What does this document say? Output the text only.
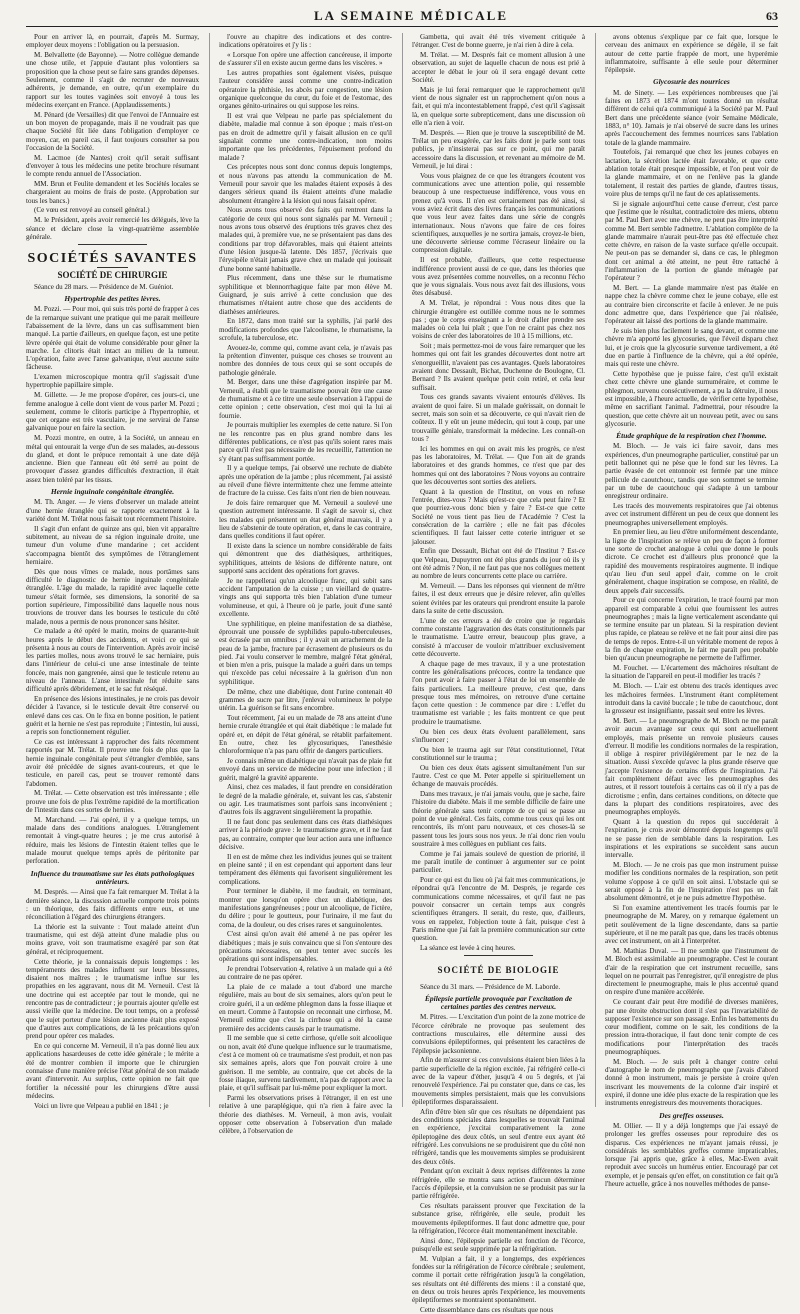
LA SEMAINE MÉDICALE	63

Pour en arriver là, en pourrait, d'après M. Surmay, employer deux moyens : l'obligation ou la persuasion.

M. Belvallette (de Bayonne). — Notre collègue demande une chose utile, et j'appuie d'autant plus volontiers sa proposition que la chose peut se faire sans grandes dépenses. Seulement, comme il s'agit de recruter de nouveaux adhérents, je demande, en outre, qu'un exemplaire du rapport sur les toutes vaginées soit envoyé à tous les médecins exerçant en France. (Applaudissements.)

M. Pénard (de Versailles) dit que l'envoi de l'Annuaire est un bon moyen de propagande, mais il ne voudrait pas que chaque Société fût liée dans l'obligation d'employer ce moyen, car, en pareil cas, il faut toujours consulter sa pou l'occasion de la Société.

M. Lacmoe (de Nantes) croit qu'il serait suffisant d'envoyer à tous les médecins une petite brochure résumant le compte rendu annuel de l'Association.

MM. Brun et Feulite demandent et les Sociétés locales se chargeraient au moins de frais de poste. (Approbation sur tous les bancs.)

(Ce vœu est renvoyé au conseil général.)

M. le Président, après avoir remercié les délégués, lève la séance et déclare close la vingt-quatrième assemblée générale.

SOCIÉTÉS SAVANTES
SOCIÉTÉ DE CHIRURGIE
Séance du 28 mars. — Présidence de M. Guéniot.
Hypertrophie des petites lèvres.

M. Pozzi. — Pour moi, qui suis très porté de frapper à ces de la remarque suivant une pratique qui me parait meilleure l'abaissement de la lèvre, dans un cas suffisamment bien manqué. La partie d'ailleurs, en quelque façon, est une petite lèvre opérée qui était de volume considérable pour gêner la marche. Le clitoris était intact au milieu de la tumeur. L'opération, faite avec l'anse galvanique, n'eut aucune suite fâcheuse.

L'examen microscopique montra qu'il s'agissait d'une hypertrophie papillaire simple.

M. Gillette. — Je me propose d'opérer, ces jours-ci, une femme analogue à celle dont vient de vous parler M. Pozzi ; seulement, comme le clitoris participe à l'hypertrophie, et que cet organe est très vasculaire, je me servirai de l'anse galvanique pour en faire la section.

M. Pozzi montre, en outre, à la Société, un anneau en métal qui entourait la verge d'un de ses malades, au-dessous du gland, et dont le prépuce remontait à une date déjà ancienne. Bien que l'anneau eût été serré au point de provoquer d'assez grandes difficultés d'extraction, il était assez bien toléré par les tissus.

Hernie inguinale congénitale étranglée.

M. Th. Anger. — Je viens d'observer un malade atteint d'une hernie étranglée qui se rapporte exactement à la variété dont M. Trélat nous faisait tout récemment l'histoire.

Il s'agit d'un enfant de quinze ans qui, bien vit apparaître subitement, au niveau de sa région inguinale droite, une tumeur d'un volume d'une mandarine ; cet accident s'accompagna bientôt des symptômes de l'étranglement herniaire.

Dès que nous vîmes ce malade, nous portâmes sans difficulté le diagnostic de hernie inguinale congénitale étranglée. L'âge du malade, la rapidité avec laquelle cette tumeur s'était formée, ses dimensions, la sonorité de sa portion supérieure, l'impossibilité dans laquelle nous nous trouvions de trouver dans les bourses le testicule du côté malade, nous a permis de nous prononcer sans hésiter.

Ce malade a été opéré le matin, moins de quarante-huit heures après le début des accidents, et voici ce qui se présenta à nous au cours de l'intervention. Après avoir incisé les parties molles, nous avons trouvé le sac herniaire, puis dans l'intérieur de celui-ci une anse intestinale de teinte foncée, mais non gangrenée, ainsi que le testicule retenu au niveau de l'anneau. L'anse intestinale fut réduite sans difficulté après débridement, et le sac fut réséqué.

En présence des lésions intestinales, je ne crois pas devoir décider à l'avance, si le testicule devait être conservé ou enlevé dans ces cas. On le fixa en bonne position, le patient guérit et la hernie ne s'est pas reproduite ; l'intestin, lui aussi, a repris son fonctionnement régulier.

Ce cas est intéressant à rapprocher des faits récemment rapportés par M. Trélat. Il prouve une fois de plus que la hernie inguinale congénitale peut s'étrangler d'emblée, sans avoir été précédée de signes avant-coureurs, et que le testicule, en pareil cas, peut se trouver remonté dans l'abdomen.

M. Trélat. — Cette observation est très intéressante ; elle prouve une fois de plus l'extrême rapidité de la mortification de l'intestin dans ces sortes de hernies.

M. Marchand. — J'ai opéré, il y a quelque temps, un malade dans des conditions analogues. L'étranglement remontait à vingt-quatre heures ; je me crus autorisé à réduire, mais les lésions de l'intestin étaient telles que le malade mourut quelque temps après de péritonite par perforation.

Influence du traumatisme sur les états pathologiques antérieurs.

M. Després. — Ainsi que l'a fait remarquer M. Trélat à la dernière séance, la discussion actuelle comporte trois points : un théorique, des faits différents entre eux, et une réconciliation à l'égard des chirurgiens étrangers.

La théorie est la suivante : Tout malade atteint d'un traumatisme, qui est déjà atteint d'une maladie plus ou moins grave, voit son traumatisme exagéré par son état général, et réciproquement.

Cette théorie, je la connaissais depuis longtemps : les tempéraments des malades influent sur leurs blessures, disaient nos maîtres ; le traumatisme influe sur les propathies en les aggravant, nous dit M. Verneuil. C'est là une doctrine qui est acceptée par tout le monde, qui ne rencontre pas de contradicteur ; je pourrais ajouter qu'elle est aussi vieille que la médecine. De tout temps, on a professé que le sujet porteur d'une lésion ancienne était plus exposé que d'autres aux complications, de là les précautions qu'on prend pour opérer ces malades.

En ce qui concerne M. Verneuil, il n'a pas donné lieu aux applications hasardeuses de cette idée générale ; le mérite a été de montrer combien il importe que le chirurgien connaisse d'une manière précise l'état général de son malade avant d'intervenir. Au surplus, cette opinion ne fait que fortifier la nécessité pour les chirurgiens d'être aussi médecins.

Voici un livre que Velpeau a publié en 1841 ; je

l'ouvre au chapitre des indications et des contre-indications opératoires et j'y lis :

« Lorsque l'on opère une affection cancéreuse, il importe de s'assurer s'il en existe aucun germe dans les viscères. »

Les autres propathies sont également visées, puisque l'auteur considère aussi comme une contre-indication opératoire la phthisie, les abcès par congestion, une lésion organique quelconque du cœur, du foie et de l'estomac, des organes génito-urinaires ou qui suppose les reins.

Il est vrai que Velpeau ne parle pas spécialement du diabète, maladie mal connue à son époque ; mais n'est-on pas en droit de admettre qu'il y faisait allusion en ce qu'il signalait comme une contre-indication, non moins importante que les précédentes, l'épuisement profond du malade ?

Ces préceptes nous sont donc connus depuis longtemps, et nous n'avons pas attendu la communication de M. Verneuil pour savoir que les malades étaient exposés à des dangers sérieux quand ils étaient atteints d'une maladie absolument étrangère à la lésion qui nous faisait opérer.

Nous avons tous observé des faits qui rentrent dans la catégorie de ceux qui nous sont signalés par M. Verneuil ; nous avons tous observé des éruptions très graves chez des malades qui, à première vue, ne se présentaient pas dans des conditions par trop défavorables, mais qui étaient atteints d'une lésion jusque-là latente. Dès 1857, j'écrivais que l'érysipèle n'était jamais grave chez un malade qui jouissait d'une bonne santé habituelle.

Plus récemment, dans une thèse sur le rhumatisme syphilitique et blennorrhagique faite par mon élève M. Guignard, je suis arrivé à cette conclusion que des rhumatismes n'étaient autre chose que des accidents de diathèses antérieures.

En 1872, dans mon traité sur la syphilis, j'ai parlé des modifications profondes que l'alcoolisme, le rhumatisme, la scrofule, la tuberculose, etc.

Avouez-le, comme qui, comme avant cela, je n'avais pas la prétention d'inventer, puisque ces choses se trouvent au nombre des données de tous ceux qui se sont occupés de pathologie générale.

M. Berger, dans une thèse d'agrégation inspirée par M. Verneuil, a établi que le traumatisme pouvait être une cause de rhumatisme et à ce titre une seule observation à l'appui de cette opinion ; cette observation, c'est moi qui la lui ai fournie.

Je pourrais multiplier les exemples de cette nature. Si l'on ne les rencontre pas en plus grand nombre dans les différentes publications, ce n'est pas qu'ils soient rares mais parce qu'il n'est pas nécessaire de les recueillir, l'attention ne s'y étant pas suffisamment portée.

Il y a quelque temps, j'ai observé une rechute de diabète après une opération de la jambe ; plus récemment, j'ai assisté au réveil d'une fièvre intermittente chez une femme atteinte de fracture de la cuisse. Ces faits n'ont rien de bien nouveau.

Je dois faire remarquer que M. Verneuil a soulevé une question autrement intéressante. Il s'agit de savoir si, chez les malades qui présentent un état général mauvais, il y a lieu de s'abstenir de toute opération, et, dans le cas contraire, dans quelles conditions il faut opérer.

Il existe dans la science un nombre considérable de faits qui démontrent que des diathésiques, arthritiques, syphilitiques, atteints de lésions de différente nature, ont supporté sans accident des opérations fort graves.

Je ne rappellerai qu'un alcoolique franc, qui subit sans accident l'amputation de la cuisse ; un vieillard de quatre-vingts ans qui supporta très bien l'ablation d'une tumeur volumineuse, et qui, à l'heure où je parle, jouit d'une santé excellente.

Une syphilitique, en pleine manifestation de sa diathèse, éprouvait une poussée de syphilides papulo-tuberculeuses, est écrasée par un omnibus ; il y avait un arrachement de la peau de la jambe, fracture par écrasement de plusieurs os du pied. J'ai voulu conserver le membre, malgré l'état général, et bien m'en a pris, puisque la malade a guéri dans un temps qui n'excède pas celui nécessaire à la guérison d'un non syphilitique.

De même, chez une diabétique, dont l'urine contenait 40 grammes de sucre par litre, j'enlevai volumineux le polype utérin. La guérison se fit sans encombre.

Tout récemment, j'ai eu un malade de 78 ans atteint d'une hernie crurale étranglée et qui était diabétique : le malade fut opéré et, en dépit de l'état général, se rétablit parfaitement. En outre, chez les glycosuriques, l'anesthésie chloroformique n'a pas paru offrir de dangers particuliers.

Je connais même un diabétique qui n'avait pas de plaie fut envoyé dans un service de médecine pour une infection ; il guérit, malgré la gravité apparente.

Ainsi, chez ces malades, il faut prendre en considération le degré de la maladie générale, et, suivant les cas, s'abstenir ou agir. Les traumatismes sont parfois sans inconvénient ; d'autres fois ils aggravent singulièrement la propathie.

Il ne faut donc pas seulement dans ces états diathésiques arriver à la période grave : le traumatisme grave, et il ne faut pas, au contraire, compter que leur action aura une influence décisive.

Il en est de même chez les individus jeunes qui se traitent en pleine santé ; il en est cependant qui apportent dans leur tempérament des éléments qui favorisent singulièrement les complications.

Pour terminer le diabète, il me faudrait, en terminant, montrer que lorsqu'on opère chez un diabétique, des manifestations gangréneuses ; pour un alcoolique, de l'ictère, du délire ; pour le goutteux, pour l'urinaire, il me faut du coma, de la douleur, ou des crises rares et sanguinolentes.

C'est ainsi qu'on avait été amené à ne pas opérer les diabétiques ; mais je suis convaincu que si l'on s'entoure des précautions nécessaires, on peut tenter avec succès les opérations qui sont indispensables.

Je prendrai l'observation 4, relative à un malade qui a été au contraire de ne pas opérer.

La plaie de ce malade a tout d'abord une marche régulière, mais au bout de six semaines, alors qu'on peut le croire guéri, il a un œdème phlegmon dans la fosse iliaque et en meurt. Comme à l'autopsie on reconnait une cirrhose, M. Verneuil estime que c'est la cirrhose qui a été la cause première des accidents causés par le traumatisme.

Il me semble que si cette cirrhose, qu'elle soit alcoolique ou non, avait été d'une quelque influence sur le traumatisme, c'est à ce moment où ce traumatisme s'est produit, et non pas six semaines après, alors que l'on pouvait croire à une guérison. Il me semble, au contraire, que cet abcès de la fosse iliaque, survenu tardivement, n'a pas de rapport avec la plaie, et qu'il suffisait par lui-même pour expliquer la mort.

Parmi les observations prises à l'étranger, il en est une relative à une paraplégique, qui n'a rien à faire avec la théorie des diathèses. M. Verneuil, à mon avis, voulait opposer cette observation à l'observation d'un malade célèbre, à l'observation de

Gambetta, qui avait été très vivement critiquée à l'étranger. C'est de bonne guerre, je n'ai rien à dire à cela.

M. Trélat. — M. Després fait ce moment allusion à une observation, au sujet de laquelle chacun de nous est prié à accepter le débat le jour où il sera engagé devant cette Société.

Mais je lui ferai remarquer que le rapprochement qu'il vient de nous signaler est un rapprochement qu'on nous a fait, et qui m'a incontestablement frappé, c'est qu'il s'agissait là, en quelque sorte subrepticement, dans une discussion où elle n'a rien à voir.

M. Després. — Rien que je trouve la susceptibilité de M. Trélat un peu exagérée, car les faits dont je parle sont tous publics, je n'insisterai pas sur ce point, qui me paraît accessoire dans la discussion, et revenant au mémoire de M. Verneuil, je lui dirai :

Vous vous plaignez de ce que les étrangers écoutent vos communications avec une attention polie, qui ressemble beaucoup à une respectueuse indifférence, vous vous en prenez qu'à vous. Il n'en est certainement pas été ainsi, si vous aviez écrit dans des livres français les communications que vous leur avez faites dans une série de congrès internationaux. Nous n'avons que faire de ces foires scientifiques, auxquelles je ne sortira jamais, croyez-le bien, une découverte sérieuse comme l'écraseur linéaire ou la compression digitale.

Il est probable, d'ailleurs, que cette respectueuse indifférence provient aussi de ce que, dans les théories que vous avez présentées comme nouvelles, on a reconnu l'écho que je vous signalais. Vous nous avez fait des illusions, vous êtes désabusé.

A M. Trélat, je répondrai : Vous nous dites que la chirurgie étrangère est outillée comme nous ne le sommes pas ; que le corps enseignant a le droit d'aller prendre ses malades où cela lui plaît ; que l'on ne craint pas chez nos voisins de créer des laboratoires de 10 à 15 millions, etc.

Soit ; mais permettez-moi de vous faire remarquer que les hommes qui ont fait les grandes découvertes dont notre art s'enorgueillit, n'avaient pas ces avantages. Quels laboratoires avaient donc Dessault, Bichat, Duchenne de Boulogne, Cl. Bernard ? Ils avaient quelque petit coin retiré, et cela leur suffisait.

Tous ces grands savants vivaient entourés d'élèves. Ils avaient de quoi faire. Si un malade guérissait, on donnait le secret, mais son soin et sa découverte, ce qui n'avait rien de coûteux. Il y eût un jeune médecin, qui tout à coup, par une trouvaille géniale, transformait la médecine. Les connaît-on tous ?

Ici les hommes en qui on avait mis les progrès, ce n'est pas les laboratoires, M. Trélat. — Que l'on ait de grands laboratoires et des grands hommes, ce n'est que par des hommes qui ont des laboratoires ? Nous voyons au contraire que les découvertes sont sorties des ateliers.

Quant à la question de l'Institut, on vous en refuse l'entrée, dites-vous ? Mais qu'est-ce que cela peut faire ? Et que pourriez-vous donc bien y faire ? Est-ce que cette Société ne vous tient pas lieu de l'Académie ? C'est la consécration de la carrière ; elle ne fait pas d'écoles scientifiques. Il faut laisser cette coterie intriguer et se jalouser.

Enfin que Dessault, Bichat ont été de l'Institut ? Est-ce que Velpeau, Dupuytren ont été plus grands du jour où ils y ont été admis ? Non, il ne faut pas que nos collègues mettent au nombre de leurs concurrents cette place ou carrière.

M. Verneuil. — Dans les réponses qui viennent de m'être faites, il est deux erreurs que je désire relever, afin qu'elles soient évitées par les orateurs qui prendront ensuite la parole dans la suite de cette discussion.

L'une de ces erreurs a été de croire que je regardais comme constante l'aggravation des états constitutionnels par le traumatisme. L'autre erreur, beaucoup plus grave, a consisté à m'accuser de vouloir m'attribuer exclusivement cette découverte.

A chaque page de mes travaux, il y a une protestation contre les généralisations précoces, contre la tendance que l'on peut avoir à faire passer à l'état de loi un ensemble de faits particuliers. La meilleure preuve, c'est que, dans presque tous mes mémoires, on retrouve d'une certaine façon cette question : Je commence par dire : L'effet du traumatisme est variable ; les faits montrent ce que peut produire le traumatisme.

Ou bien ces deux états évoluent parallèlement, sans s'influencer ;

Ou bien le trauma agit sur l'état constitutionnel, l'état constitutionnel sur le trauma ;

Ou bien ces deux états agissent simultanément l'un sur l'autre. C'est ce que M. Peter appelle si spirituellement un échange de mauvais procédés.

Dans mes travaux, je n'ai jamais voulu, que je sache, faire l'histoire du diabète. Mais il me semble difficile de faire une théorie générale sans tenir compte de ce qui se passe au point de vue général. Ces faits, comme tous ceux qui les ont rencontrés, ils m'ont paru nouveaux, et ces choses-là se passent tous les jours sous nos yeux. Je n'ai donc rien voulu soustraire à mes collègues en publiant ces faits.

Comme je l'ai jamais soulevé de question de priorité, il me paraît inutile de continuer à argumenter sur ce point particulier.

Pour ce qui est du lieu où j'ai fait mes communications, je répondrai qu'à l'encontre de M. Després, je regarde ces communications comme nécessaires, et qu'il faut ne pas pouvoir consacrer un certain temps aux congrès scientifiques étrangers. Il serait, du reste, que, d'ailleurs, vous en rappelez, l'objection toute à fait, puisque c'est à Paris même que j'ai fait la première communication sur cette question.

La séance est levée à cinq heures.

SOCIÉTÉ DE BIOLOGIE
Séance du 31 mars. — Présidence de M. Laborde.
Épilepsie partielle provoquée par l'excitation de certaines parties des centres nerveux.

M. Pitres. — L'excitation d'un point de la zone motrice de l'écorce cérébrale ne provoque pas seulement des contractions musculaires, elle détermine aussi des convulsions épileptiformes, qui présentent les caractères de l'épilepsie jacksonienne.

Afin de m'assurer si ces convulsions étaient bien liées à la partie superficielle de la région excitée, j'ai réfrigéré celle-ci avec de la vapeur d'éther, jusqu'à 4 ou 5 degrés, et j'ai renouvelé l'expérience. J'ai pu constater que, dans ce cas, les mouvements simples persistaient, mais que les convulsions épileptiformes disparaissaient.

Afin d'être bien sûr que ces résultats ne dépendaient pas des conditions spéciales dans lesquelles se trouvait l'animal en expérience, j'excitai comparativement la zone épileptogène des deux côtés, un seul d'entre eux ayant été réfrigéré. Les convulsions ne se produisirent que du côté non réfrigéré, tandis que les mouvements simples se produisirent des deux côtés.

Pendant qu'on excitait à deux reprises différentes la zone réfrigérée, elle se montra sans action d'aucun déterminer l'accès d'épilepsie, et la convulsion ne se produisit pas sur la partie réfrigérée.

Ces résultats paraissent prouver que l'excitation de la substance grise, réfrigérée, elle seule, produit les mouvements épileptiformes. Il faut donc admettre que, pour la réfrigération, l'écorce était momentanément inexcitable.

Ainsi donc, l'épilepsie partielle est fonction de l'écorce, puisqu'elle est seule supprimée par la réfrigération.

M. Vulpian a fait, il y a longtemps, des expériences fondées sur la réfrigération de l'écorce cérébrale ; seulement, comme il portait cette réfrigération jusqu'à la congélation, ses résultats ont été différents des miens : il a constaté que, en deux ou trois heures après l'expérience, les mouvements épileptiformes se montraient spontanément.

Cette dissemblance dans ces résultats que nous

avons obtenus s'explique par ce fait que, lorsque le cerveau des animaux en expérience se dégèle, il se fait autour de cette partie frappée de mort, une hyperémie inflammatoire, suffisante à elle seule pour déterminer l'épilepsie.

Glycosurie des nourrices

M. de Sinety. — Les expériences nombreuses que j'ai faites en 1873 et 1874 m'ont toutes donné un résultat différent de celui qu'a communiqué à la Société par M. Paul Bert dans une précédente séance (voir Semaine Médicale, 1883, n° 10). Jamais je n'ai observé de sucre dans les urines après l'accouchement des femmes nourrices sans l'ablation totale de la glande mammaire.

Toutefois, j'ai remarqué que chez les jeunes cobayes en lactation, la sécrétion lactée était favorable, et que cette ablation totale était presque impossible, et l'on peut voir de la glande mammaire, et on ne l'enlève pas la glande totalement, il restait des parties de glande, d'autres tissus, voire plus de temps qu'il ne faut de ces aplatissements.

Si je signale aujourd'hui cette cause d'erreur, c'est parce que j'estime que le résultat, contradictoire des miens, obtenu par M. Paul Bert avec une chèvre, ne peut pas être interprété comme M. Bert semble l'admettre. L'ablation complète de la glande mammaire n'aurait peut-être pas été effectuée chez cette chèvre, en raison de la vaste surface qu'elle occupait. Ne peut-on pas se demander si, dans ce cas, le phlegmon dont cet animal a été atteint, ne peut être rattaché à l'inflammation de la portion de glande ménagée par l'opérateur ?

M. Bert. — La glande mammaire n'est pas étalée en nappe chez la chèvre comme chez le jeune cobaye, elle est au contraire bien circonscrite et facile à enlever. Je ne puis donc admettre que, dans l'expérience que j'ai réalisée, l'opérateur ait laissé des portions de la glande mammaire.

Je suis bien plus facilement le sang devant, et comme une chèvre m'a apporté les glycosuries, que l'éveil disparu chez lui, et je crois que la glycosurie survenue tardivement, a été due en partie à l'influence de la chèvre, qui a été opérée, mais qui reste une chèvre.

Cette hypothèse que je puisse faire, c'est qu'il existait chez cette chèvre une glande surnuméraire, et comme le phlegmon, survenu consécutivement, a pu la détruire, il nous est impossible, à l'heure actuelle, de vérifier cette hypothèse, même en sacrifiant l'animal. J'admettrai, pour résoudre la question, que cette chèvre ait un nouveau petit, avec ou sans glycosurie.

Étude graphique de la respiration chez l'homme.

M. Bloch. — Je vais ici faire savoir, dans mes expériences, d'un pneumographe particulier, constitué par un petit ballonnet qui ne pèse que le fond sur les lèvres. La partie évasée de cet entonnoir est fermée par une mince pellicule de caoutchouc, tandis que son sommet se termine par un tube de caoutchouc qui s'adapte à un tambour enregistreur ordinaire.

Les tracés des mouvements respiratoires que j'ai obtenus avec cet instrument différent un peu de ceux que donnent les pneumographes universellement employés.

En premier lieu, au lieu d'être uniformément descendante, la ligne de l'inspiration se relève un peu de façon à former une sorte de crochet analogue à celui que donne le pouls dicrote. Ce crochet est d'ailleurs plus prononcé que la rapidité des mouvements respiratoires augmente. Il indique qu'au lieu d'un seul appel d'air, comme on le croit généralement, chaque inspiration se compose, en réalité, de deux appels d'air successifs.

Pour ce qui concerne l'expiration, le tracé fourni par mon appareil est comparable à celui que fournissent les autres pneumographes ; mais la ligne verticalement ascendante qui se termine ensuite par un plateau. Si la respiration devient plus rapide, ce plateau se relève et ne fait pour ainsi dire pas de temps de repos. Entre-t-il un véritable moment de repos à la fin de chaque expiration, le fait me paraît peu probable bien qu'aucun pneumographe ne permette de l'affirmer.

M. Fouchet. — L'écartement des mâchoires résultant de la situation de l'appareil en peut-il modifier les tracés ?

M. Bloch. — L'air est obtenu des tracés identiques avec les mâchoires fermées. L'instrument étant complètement introduit dans la cavité buccale ; le tube de caoutchouc, dont la grosseur est insignifiante, passait seul entre les lèvres.

M. Bert. — Le pneumographe de M. Bloch ne me paraît avoir aucun avantage sur ceux qui sont actuellement employés, mais présente un renvoie plusieurs causes d'erreur. Il modifie les conditions normales de la respiration, il oblige à respirer privilégièrement par le nez de la situation. Aussi s'excède qu'avec la plus grande réserve que j'accepte l'existence de certains effets de l'inspiration. J'ai fait complètement défaut avec les pneumographes des autres, et il ressort toutefois à certains cas où il n'y a pas de dicrotisme ; enfin, dans certaines conditions, on détecte que dans la plupart des conditions respiratoires, avec des pneumographes employés.

Quant à la question du repos qui succéderait à l'expiration, je crois avoir démontré depuis longtemps qu'il ne se passe rien de semblable dans la respiration. Les inspirations et les expirations se succèdent sans aucun intervalle.

M. Bloch. — Je ne crois pas que mon instrument puisse modifier les conditions normales de la respiration, son petit volume s'oppose à ce qu'il en soit ainsi. L'obstacle qui se serait opposé à la fin de l'inspiration n'est pas un fait absolument démontré, et je ne puis admettre l'hypothèse.

Si l'on examine attentivement les tracés fournis par le pneumographe de M. Marey, on y remarque également un petit soulèvement de la ligne descendante, dans sa partie supérieure, et il ne me paraît pas que, dans les tracés obtenus avec cet instrument, on ait à l'interpréter.

M. Mathias Duval. — Il me semble que l'instrument de M. Bloch est assimilable au pneumographe. C'est le courant d'air de la respiration que cet instrument recueille, sans lequel on ne pourrait pas l'enregistrer, qu'il enregistre de plus directement le pneumographe, mais le plus accentué quand on respire d'une manière accélérée.

Ce courant d'air peut être modifié de diverses manières, par une étroite obstruction dont il s'est pas l'invariabilité de supposer l'existence sur son passage. Enfin les battements du cœur modifient, comme on le sait, les conditions de la pression intra-thoracique, il faut donc tenir compte de ces modifications pour l'interprétation des tracés pneumographiques.

M. Bloch. — Je suis prêt à changer contre celui d'autographe le nom de pneumographe que j'avais d'abord donné à mon instrument, mais je persiste à croire qu'en inscrivant les mouvements de la colonne d'air inspiré et expiré, il donne une idée plus exacte de la respiration que les instruments enregistreurs des mouvements thoraciques.

Des greffes osseuses.

M. Ollier. — Il y a déjà longtemps que j'ai essayé de prolonger les greffes osseuses pour reproduire des os disparus. Ces expériences ne m'ayant jamais réussi, je considérais les semblables greffes comme impraticables, lorsque j'ai appris que, grâce à elles, Mac-Ewen avait reproduit avec succès un humérus entier. Encouragé par cet exemple, et je pensais qu'en effet, on constitution ce fait qu'à l'heure actuelle, grâce à nos nouvelles méthodes de panse-
